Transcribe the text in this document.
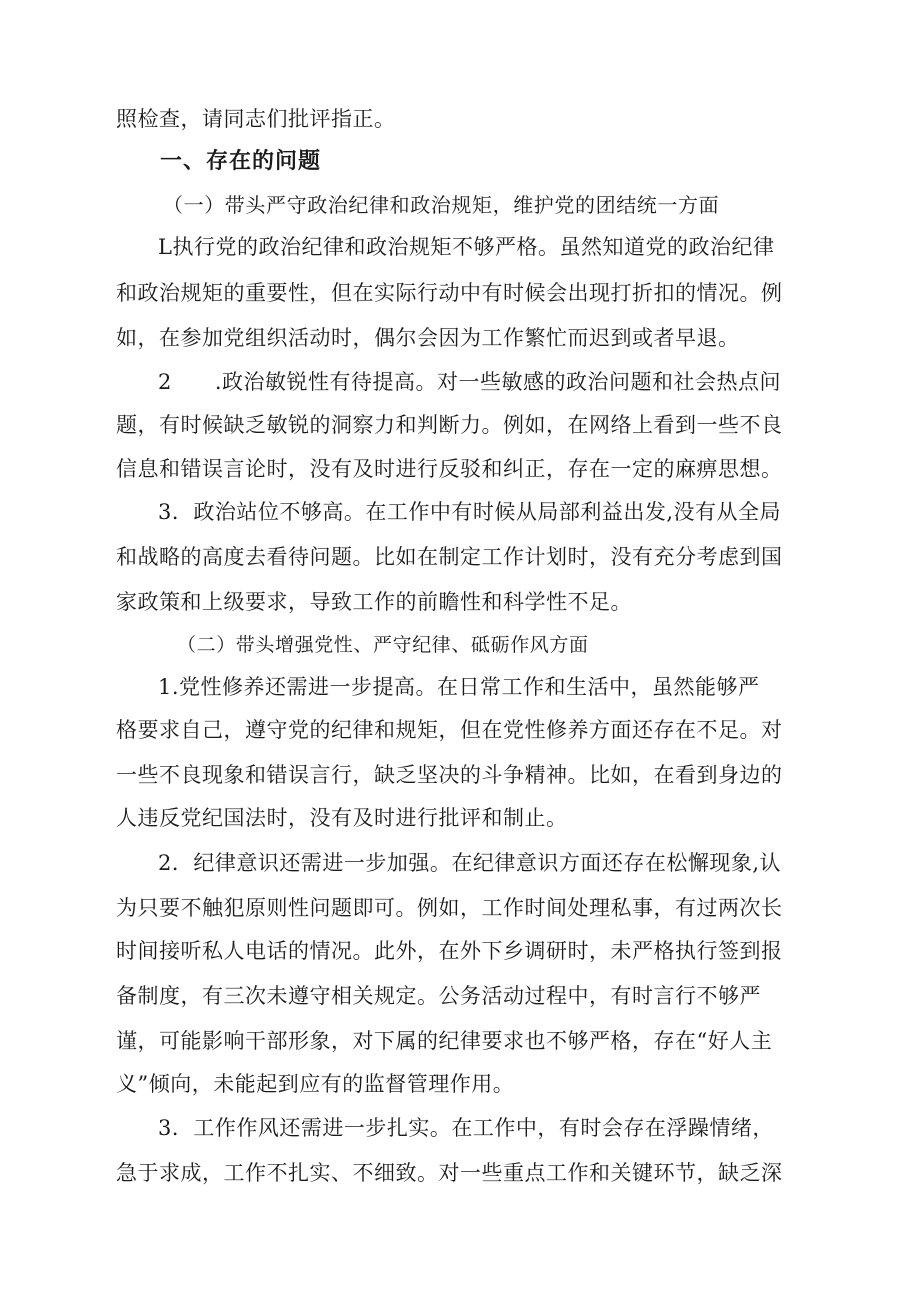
照检查，请同志们批评指正。
一、存在的问题
（一）带头严守政治纪律和政治规矩，维护党的团结统一方面
L执行党的政治纪律和政治规矩不够严格。虽然知道党的政治纪律
和政治规矩的重要性，但在实际行动中有时候会出现打折扣的情况。例
如，在参加党组织活动时，偶尔会因为工作繁忙而迟到或者早退。
2  .政治敏锐性有待提高。对一些敏感的政治问题和社会热点问
题，有时候缺乏敏锐的洞察力和判断力。例如，在网络上看到一些不良
信息和错误言论时，没有及时进行反驳和纠正，存在一定的麻痹思想。
3．政治站位不够高。在工作中有时候从局部利益出发,没有从全局
和战略的高度去看待问题。比如在制定工作计划时，没有充分考虑到国
家政策和上级要求，导致工作的前瞻性和科学性不足。
（二）带头增强党性、严守纪律、砥砺作风方面
1.党性修养还需进一步提高。在日常工作和生活中，虽然能够严
格要求自己，遵守党的纪律和规矩，但在党性修养方面还存在不足。对
一些不良现象和错误言行，缺乏坚决的斗争精神。比如，在看到身边的
人违反党纪国法时，没有及时进行批评和制止。
2．纪律意识还需进一步加强。在纪律意识方面还存在松懈现象,认
为只要不触犯原则性问题即可。例如，工作时间处理私事，有过两次长
时间接听私人电话的情况。此外，在外下乡调研时，未严格执行签到报
备制度，有三次未遵守相关规定。公务活动过程中，有时言行不够严
谨，可能影响干部形象，对下属的纪律要求也不够严格，存在“好人主
义”倾向，未能起到应有的监督管理作用。
3．工作作风还需进一步扎实。在工作中，有时会存在浮躁情绪，
急于求成，工作不扎实、不细致。对一些重点工作和关键环节，缺乏深
